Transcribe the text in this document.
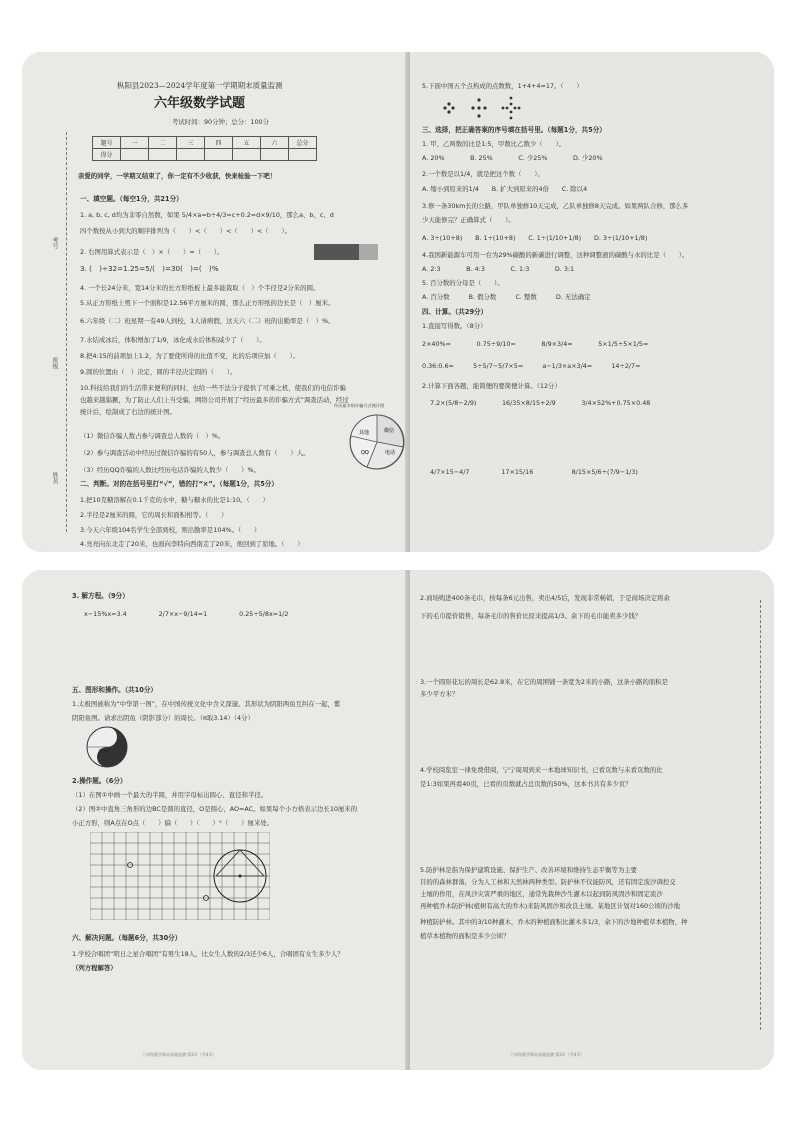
枞阳县2023—2024学年度第一学期期末质量监测
六年级数学试题
考试时间：90分钟；总分：100分
题号	一	二	三	四	五	六	总分
得分							
考号
班级
姓名
亲爱的同学，一学期又结束了，你一定有不少收获，快来检验一下吧！
一、填空题。（每空1分，共21分）
1. a, b, c, d均为非零自然数，如果 5/4×a=b÷4/3=c+0.2=d×9/10，那么a、b、c、d
四个数按从小到大的顺序排列为（　　）<（　　）<（　　）<（　　）。
2. 右图用算式表示是（　）×（　　）=（　　）。
3. (　)÷32=1.25=5/(　)=30(　)=(　)%
4. 一个长24分米，宽14分米的长方形纸板上最多能裁取（　）个半径是2分米的圆。
5.从正方形纸上剪下一个面积是12.56平方厘米的圆，那么正方形纸的边长是（　）厘米。
6.六年级（二）班星期一有49人到校，1人请病假，这天六（二）班的出勤率是（　）%。
7.水结成冰后，体积增加了1/9，冰化成水后体积减少了（　　）。
8.把4:15的前项加上1.2，为了要使所得的比值不变，比的后项应加（　　）。
9.圆的位置由（　）决定，圆的半径决定圆的（　　）。
10.科技给我们的生活带来便利的同时，也给一些不法分子提供了可乘之机，使我们的电信诈骗
也越来越猖獗，为了防止人们上当受骗，网络公司开展了“经历最多的诈骗方式”调查活动，经过
统计后，绘制成了右边的统计图。
（1）微信诈骗人数占参与调查总人数的（　）%。
（2）参与调查活动中经历过微信诈骗的有50人，参与调查总人数有（　　）人。
（3）经历QQ诈骗的人数比经历电话诈骗的人数少（　　）%。
二、判断。对的在括号里打“√”，错的打“×”。（每题1分，共5分）
1.把10克糖溶解在0.1千克的水中，糖与糖水的比是1:10。（　　）
2.半径是2厘米的圆，它的周长和面积相等。（　　）
3.今天六年级104名学生全部到校，则出勤率是104%。（　　）
4.亮亮向东北走了20米，也面向李特向西南走了20米，他回到了原地。（　　）
经历最多的诈骗方式统计图
微信
电话
QQ
其他
5.下面中国五个点构成的点数数，1+4+4=17。（　　）
三、选择，把正确答案的序号填在括号里。（每题1分，共5分）
1. 甲、乙两数的比是1:5，甲数比乙数少（　　）。
A. 20%　　　　B. 25%　　　　C. 少25%　　　　D. 少20%
2.一个数是以1/4，就是把这个数（　　）。
A. 缩小到原来的1/4　　B. 扩大到原来的4倍　　C. 除以4
3.修一条30km长的公路，甲队单独修10天完成，乙队单独修8天完成。如果两队合修，那么多
少天能修完？正确算式（　　）。
A. 3÷(10+8)　　B. 1÷(10+8)　　C. 1÷(1/10+1/8)　　D. 3÷(1/10+1/8)
4.我国新能源车可用一台为29%碳酸的新碳进行调整，这种调整液的碳酸与水的比是（　　）。
A. 2:3　　　　B. 4:3　　　　C. 1:3　　　　D. 3:1
5. 百分数的分母是（　　）。
A. 百分数　　　B. 假分数　　　C. 整数　　　D. 无法确定
四、计算。（共29分）
1.直接写得数。（8分）
2×40%=　　　　0.75÷9/10=　　　　8/9×3/4=　　　　5×1/5÷5×1/5=
0.36:0.6=　　　5÷5/7−5/7×5=　　　a−1/3×a×3/4=　　　14÷2/7=
2.计算下面各题，能简便的要简便计算。（12分）
7.2×(5/8−2/9)　　　　16/35×8/15+2/9　　　　3/4×52%+0.75×0.48
4/7×15−4/7　　　　　17×15/16　　　　　　8/15×5/6÷(7/9−1/3)
3. 解方程。（9分）
x−15%x=3.4　　　　　2/7×x−9/14=1　　　　　0.25÷5/8x=1/2
五、图形和操作。（共10分）
1.太极图被称为“中华第一图”，在中国传统文化中含义深邃。其形状为阴阳两鱼互纠在一起，紫
阴阳鱼图。请求出阴鱼（阴影部分）的周长。（π取3.14）（4分）
2cm
2.操作题。（6分）
（1）在图①中画一个最大的半圆，并用字母标出圆心、直径和半径。
（2）图②中直角三角形的边BC是圆的直径，O是圆心，AO=AC。如果每个小方格表示边长10厘米的
小正方形，则A点在O点（　　）偏（　　）（　　）°（　　）厘米处。
六、解决问题。（每题6分，共30分）
1.学校合唱团“明日之星合唱团”有男生18人，比女生人数的2/3还少6人，合唱团有女生多少人？
（列方程解答）
六年级数学期末质量监测 第2页（共4页）
2.商场购进400条毛巾，按每条6元出售，卖出4/5后，发现非常畅销，于是商场决定将余
下的毛巾提价销售，每条毛巾的售价比原来提高1/3。余下的毛巾能卖多少钱？
3.一个圆形花坛的周长是62.8米，在它的周围铺一条宽为2米的小路，这条小路的面积是
多少平方米？
4.学校阅览室一律免费借阅，宁宁周周到来一本地球知识书，已看页数与未看页数的比
是1:3如果再看40页，已看的页数就占总页数的50%，这本书共有多少页？
5.防护林是指为保护建筑设施、保护生产、改善环境和维持生态平衡等为主要
目的的森林群落，分为人工林和天然林两种类型。防护林不仅能防风，还有固定流沙调控交
土壤的作用，在风沙灾害严重的地区，通常先栽种沙生灌木以起到防风固沙和固定流沙
再种植乔木防护林(植树有高大的乔木)来防风固沙和改良土壤。某地区计划对160公顷的沙地
种植防护林。其中的3/10种灌木，乔木的种植面积比灌木多1/3，余下的沙地种植草本植物，种
植草本植物的面积是多少公顷？
六年级数学期末质量监测 第3页（共4页）
